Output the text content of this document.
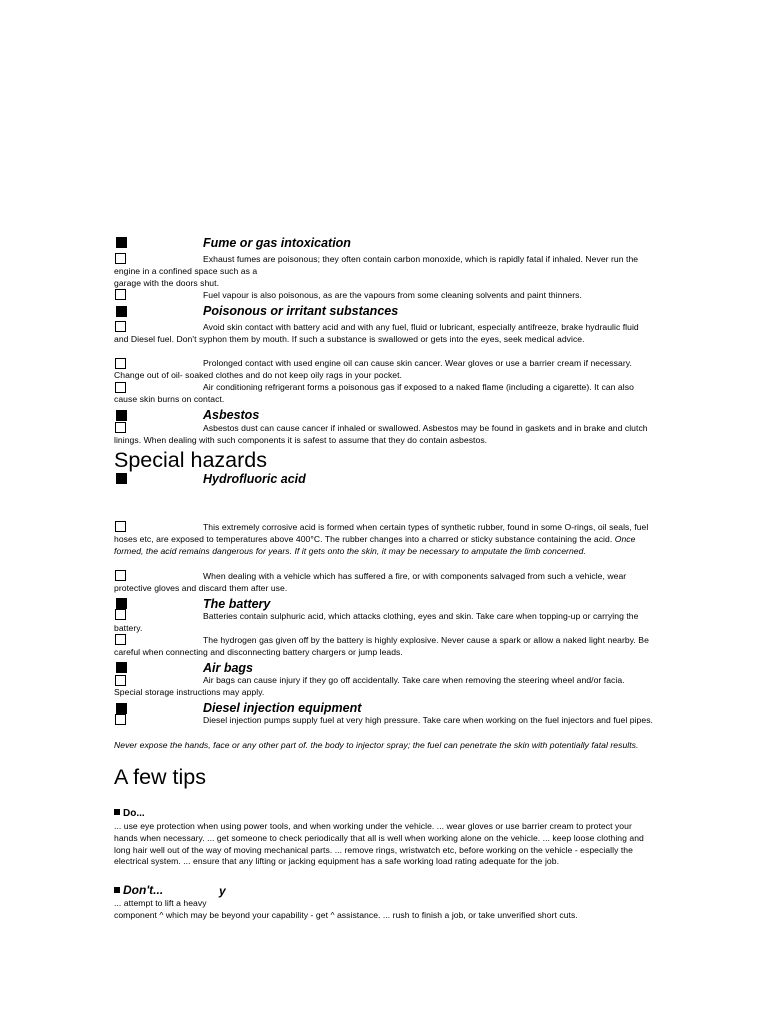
Fume or gas intoxication
Exhaust fumes are poisonous; they often contain carbon monoxide, which is rapidly fatal if inhaled. Never run the engine in a confined space such as a
garage with the doors shut.
Fuel vapour is also poisonous, as are the vapours from some cleaning solvents and paint thinners.
Poisonous or irritant substances
Avoid skin contact with battery acid and with any fuel, fluid or lubricant, especially antifreeze, brake hydraulic fluid and Diesel fuel. Don't syphon them by mouth. If such a substance is swallowed or gets into the eyes, seek medical advice.
Prolonged contact with used engine oil can cause skin cancer. Wear gloves or use a barrier cream if necessary. Change out of oil- soaked clothes and do not keep oily rags in your pocket.
Air conditioning refrigerant forms a poisonous gas if exposed to a naked flame (including a cigarette). It can also cause skin burns on contact.
Asbestos
Asbestos dust can cause cancer if inhaled or swallowed. Asbestos may be found in gaskets and in brake and clutch linings. When dealing with such components it is safest to assume that they do contain asbestos.
Special hazards
Hydrofluoric acid
This extremely corrosive acid is formed when certain types of synthetic rubber, found in some O-rings, oil seals, fuel hoses etc, are exposed to temperatures above 400°C. The rubber changes into a charred or sticky substance containing the acid. Once formed, the acid remains dangerous for years. If it gets onto the skin, it may be necessary to amputate the limb concerned.
When dealing with a vehicle which has suffered a fire, or with components salvaged from such a vehicle, wear protective gloves and discard them after use.
The battery
Batteries contain sulphuric acid, which attacks clothing, eyes and skin. Take care when topping-up or carrying the battery.
The hydrogen gas given off by the battery is highly explosive. Never cause a spark or allow a naked light nearby. Be careful when connecting and disconnecting battery chargers or jump leads.
Air bags
Air bags can cause injury if they go off accidentally. Take care when removing the steering wheel and/or facia. Special storage instructions may apply.
Diesel injection equipment
Diesel injection pumps supply fuel at very high pressure. Take care when working on the fuel injectors and fuel pipes.
Never expose the hands, face or any other part of. the body to injector spray; the fuel can penetrate the skin with potentially fatal results.
A few tips
Do...
... use eye protection when using power tools, and when working under the vehicle. ... wear gloves or use barrier cream to protect your hands when necessary. ... get someone to check periodically that all is well when working alone on the vehicle. ... keep loose clothing and long hair well out of the way of moving mechanical parts. ... remove rings, wristwatch etc, before working on the vehicle - especially the electrical system. ... ensure that any lifting or jacking equipment has a safe working load rating adequate for the job.
Don't...	y
... attempt to lift a heavy
component ^ which may be beyond your capability - get ^ assistance. ... rush to finish a job, or take unverified short cuts.
